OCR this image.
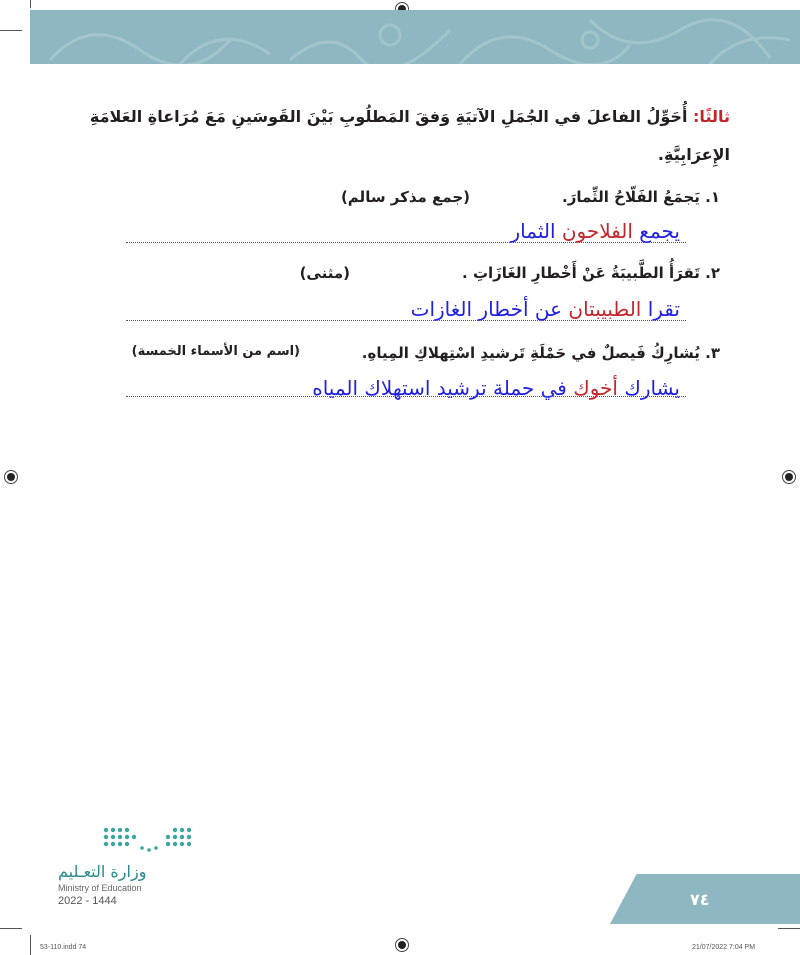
ثالثًا: أُحَوِّلُ الفاعلَ في الجُمَلِ الآتيَةِ وَفقَ المَطلُوبِ بَيْنَ القَوسَينِ مَعَ مُرَاعاةِ العَلامَةِ الإِعرَابِيَّةِ.
١. يَجمَعُ الفَلّاحُ الثِّمارَ.
(جمع مذكر سالم)
يجمع الفلاحون الثمار
٢. تَقرَأُ الطَّبيبَةُ عَنْ أَخْطارِ الغَازَاتِ .
(مثنى)
تقرا الطبيبتان عن أخطار الغازات
٣. يُشارِكُ فَيصلٌ في حَمْلَةِ تَرشيدِ اسْتِهلاكِ المِياهِ.
(اسم من الأسماء الخمسة)
يشارك أخوك في حملة ترشيد استهلاك المياه
وزارة التعـليم
Ministry of Education
2022 - 1444	٧٤
53-110.indd 74	21/07/2022 7:04 PM
